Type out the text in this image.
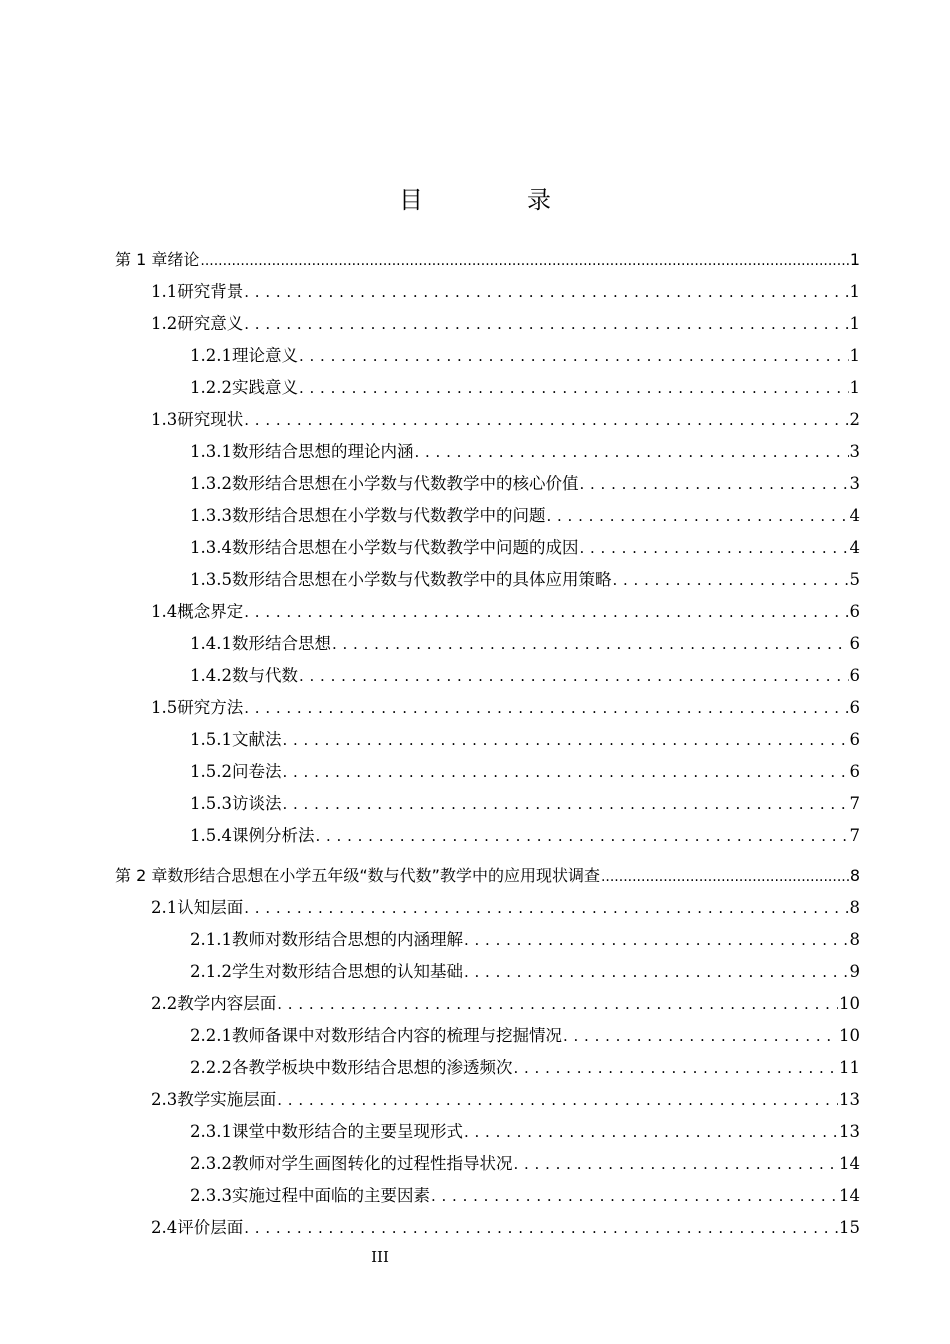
目　录
第 1 章 绪论 .....	1
1.1 研究背景 . . .	1
1.2 研究意义 . . .	1
1.2.1 理论意义 . . .	1
1.2.2 实践意义 . . .	1
1.3 研究现状 . . .	2
1.3.1 数形结合思想的理论内涵 . . .	3
1.3.2 数形结合思想在小学数与代数教学中的核心价值 . . .	3
1.3.3 数形结合思想在小学数与代数教学中的问题 . . .	4
1.3.4 数形结合思想在小学数与代数教学中问题的成因 . . .	4
1.3.5 数形结合思想在小学数与代数教学中的具体应用策略 . . .	5
1.4 概念界定 . . .	6
1.4.1 数形结合思想 . . .	6
1.4.2 数与代数 . . .	6
1.5 研究方法 . . .	6
1.5.1 文献法 . . .	6
1.5.2 问卷法 . . .	6
1.5.3 访谈法 . . .	7
1.5.4 课例分析法 . . .	7
第 2 章 数形结合思想在小学五年级“数与代数”教学中的应用现状调查 .....	8
2.1 认知层面 . . .	8
2.1.1 教师对数形结合思想的内涵理解 . . .	8
2.1.2 学生对数形结合思想的认知基础 . . .	9
2.2 教学内容层面 . . .	10
2.2.1 教师备课中对数形结合内容的梳理与挖掘情况 . . .	10
2.2.2 各教学板块中数形结合思想的渗透频次 . . .	11
2.3 教学实施层面 . . .	13
2.3.1 课堂中数形结合的主要呈现形式 . . .	13
2.3.2 教师对学生画图转化的过程性指导状况 . . .	14
2.3.3 实施过程中面临的主要因素 . . .	14
2.4 评价层面 . . .	15
III
